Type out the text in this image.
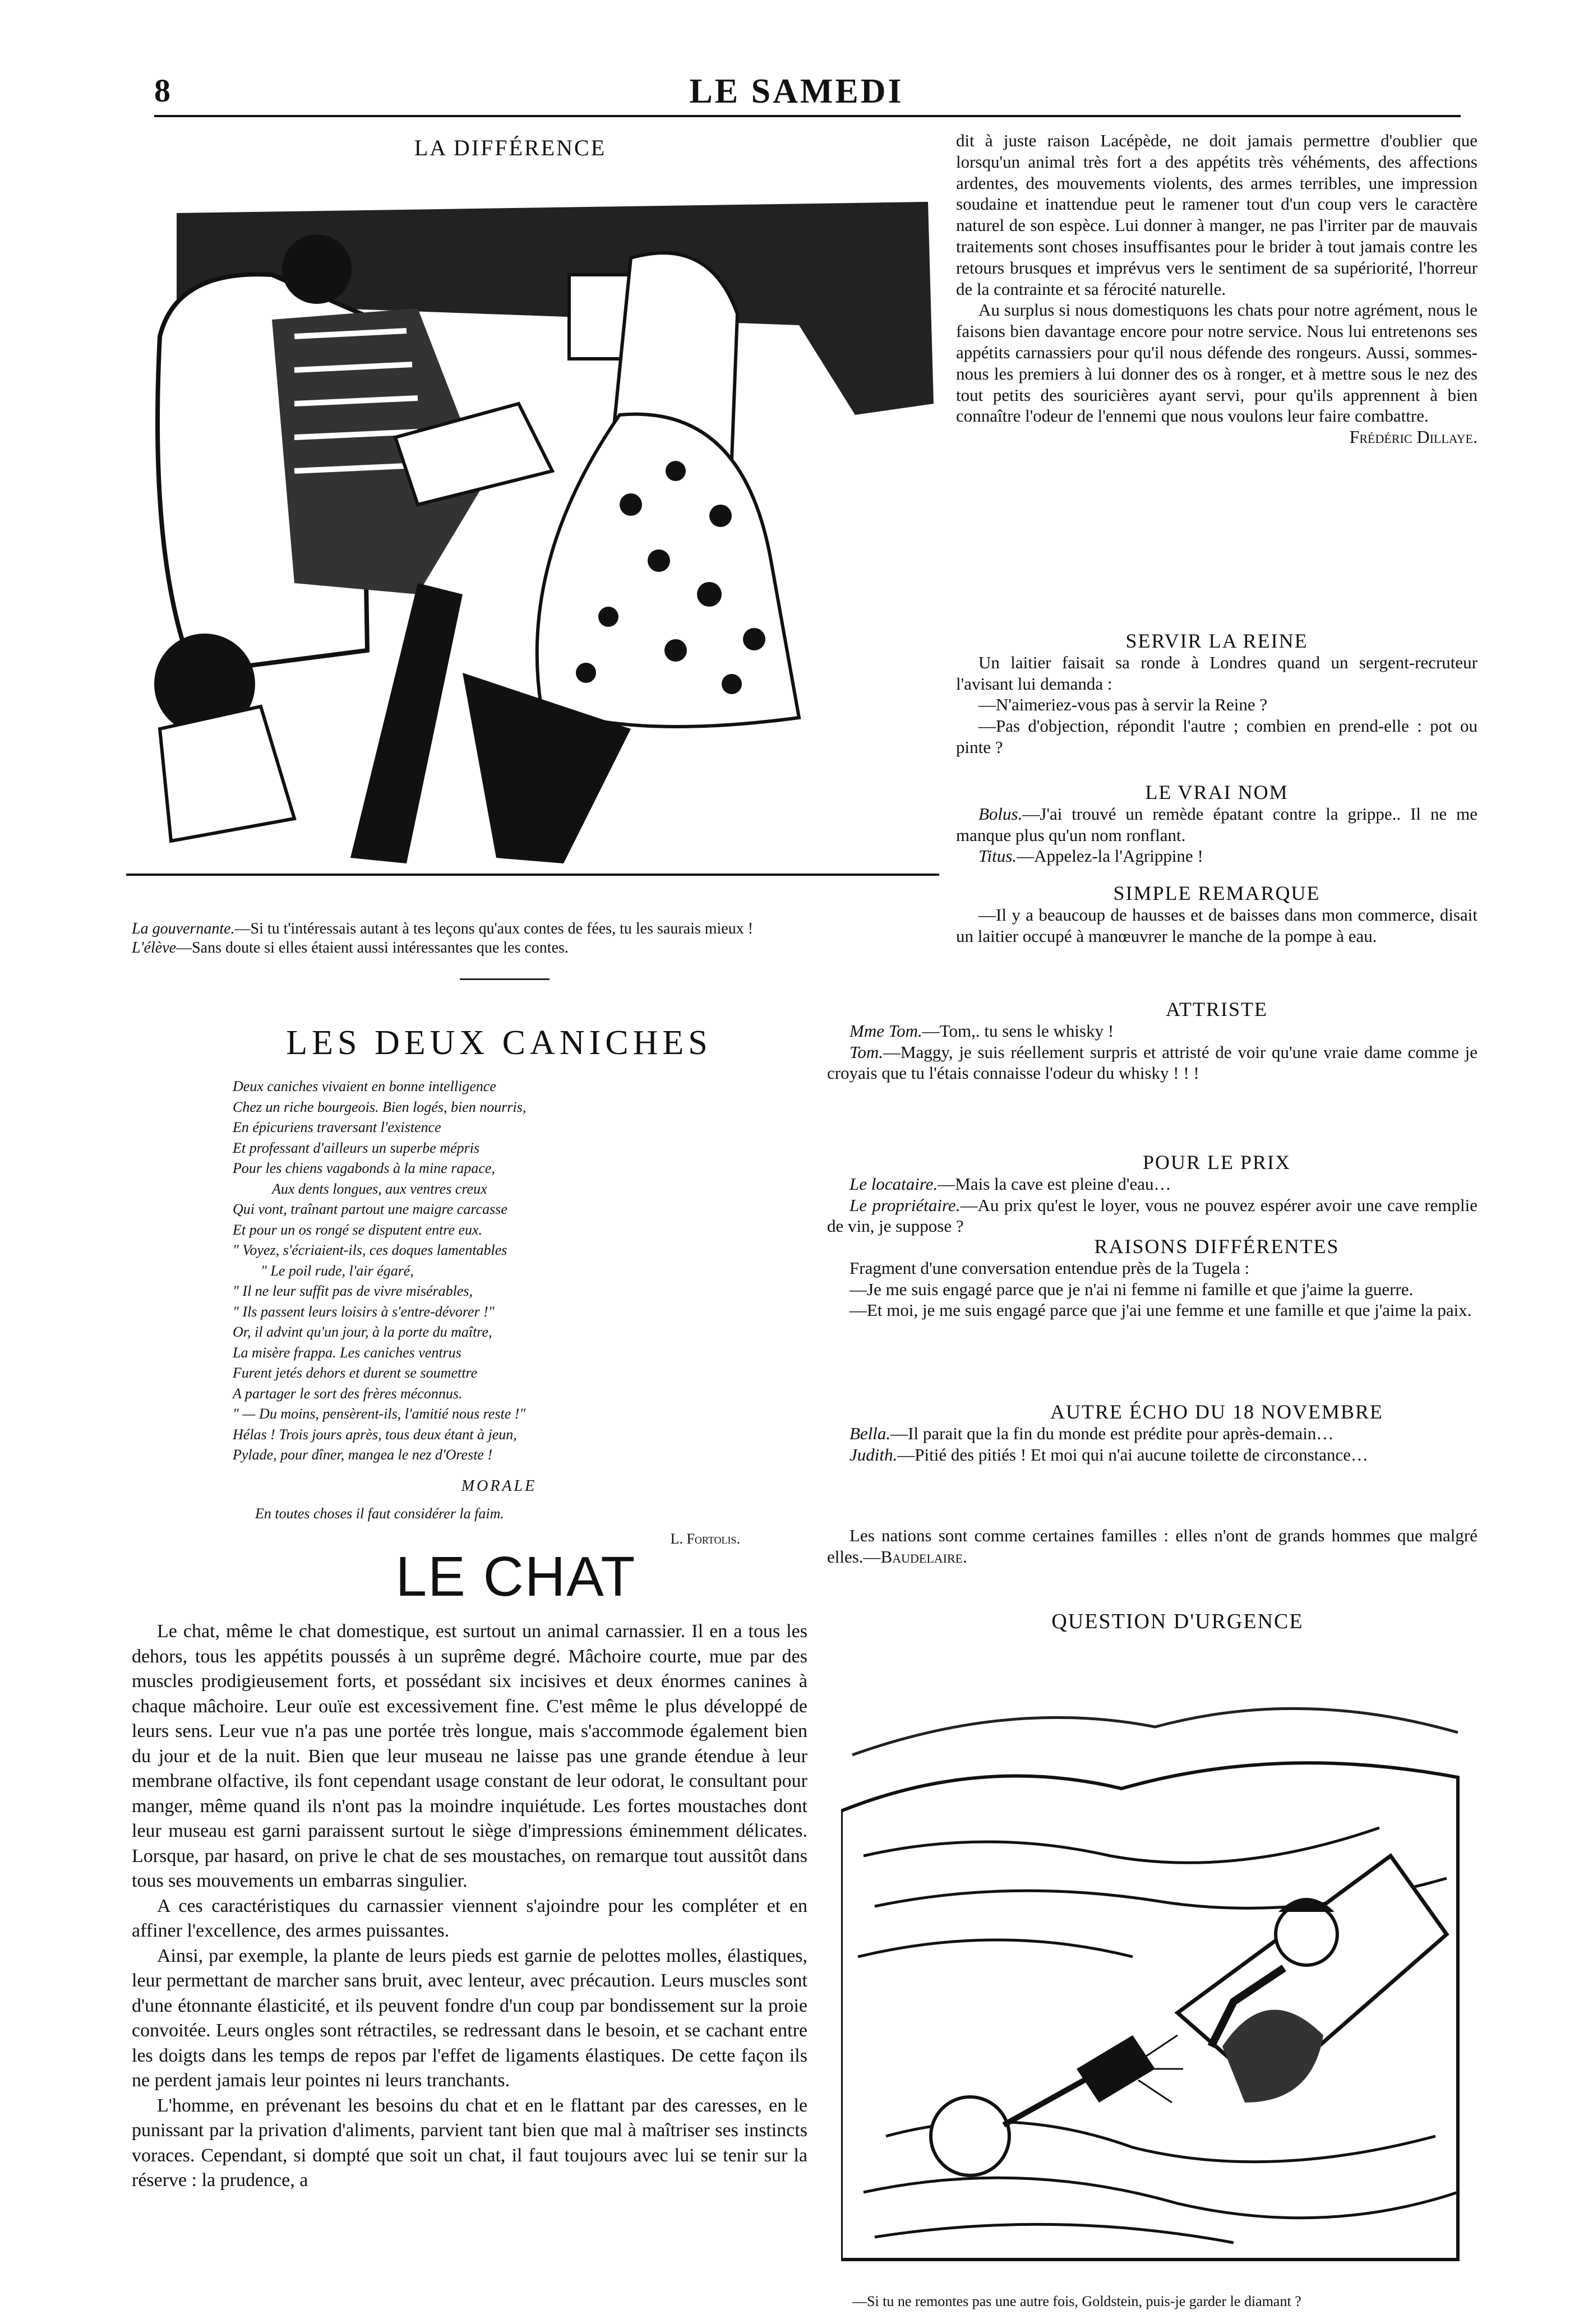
8	LE SAMEDI
LA DIFFÉRENCE
La gouvernante.—Si tu t'intéressais autant à tes leçons qu'aux contes de fées, tu les saurais mieux !
L'élève—Sans doute si elles étaient aussi intéressantes que les contes.
LES DEUX CANICHES
Deux caniches vivaient en bonne intelligence
Chez un riche bourgeois. Bien logés, bien nourris,
En épicuriens traversant l'existence
Et professant d'ailleurs un superbe mépris
Pour les chiens vagabonds à la mine rapace,
Aux dents longues, aux ventres creux
Qui vont, traînant partout une maigre carcasse
Et pour un os rongé se disputent entre eux.
" Voyez, s'écriaient-ils, ces doques lamentables
" Le poil rude, l'air égaré,
" Il ne leur suffit pas de vivre misérables,
" Ils passent leurs loisirs à s'entre-dévorer !"
Or, il advint qu'un jour, à la porte du maître,
La misère frappa. Les caniches ventrus
Furent jetés dehors et durent se soumettre
A partager le sort des frères méconnus.
" — Du moins, pensèrent-ils, l'amitié nous reste !"
Hélas ! Trois jours après, tous deux étant à jeun,
Pylade, pour dîner, mangea le nez d'Oreste !
MORALE
En toutes choses il faut considérer la faim.
L. Fortolis.
LE CHAT

Le chat, même le chat domestique, est surtout un animal carnassier. Il en a tous les dehors, tous les appétits poussés à un suprême degré. Mâchoire courte, mue par des muscles prodigieusement forts, et possédant six incisives et deux énormes canines à chaque mâchoire. Leur ouïe est excessivement fine. C'est même le plus développé de leurs sens. Leur vue n'a pas une portée très longue, mais s'accommode également bien du jour et de la nuit. Bien que leur museau ne laisse pas une grande étendue à leur membrane olfactive, ils font cependant usage constant de leur odorat, le consultant pour manger, même quand ils n'ont pas la moindre inquiétude. Les fortes moustaches dont leur museau est garni paraissent surtout le siège d'impressions éminemment délicates. Lorsque, par hasard, on prive le chat de ses moustaches, on remarque tout aussitôt dans tous ses mouvements un embarras singulier.

A ces caractéristiques du carnassier viennent s'ajoindre pour les compléter et en affiner l'excellence, des armes puissantes.

Ainsi, par exemple, la plante de leurs pieds est garnie de pelottes molles, élastiques, leur permettant de marcher sans bruit, avec lenteur, avec précaution. Leurs muscles sont d'une étonnante élasticité, et ils peuvent fondre d'un coup par bondissement sur la proie convoitée. Leurs ongles sont rétractiles, se redressant dans le besoin, et se cachant entre les doigts dans les temps de repos par l'effet de ligaments élastiques. De cette façon ils ne perdent jamais leur pointes ni leurs tranchants.

L'homme, en prévenant les besoins du chat et en le flattant par des caresses, en le punissant par la privation d'aliments, parvient tant bien que mal à maîtriser ses instincts voraces. Cependant, si dompté que soit un chat, il faut toujours avec lui se tenir sur la réserve : la prudence, a

dit à juste raison Lacépède, ne doit jamais permettre d'oublier que lorsqu'un animal très fort a des appétits très véhéments, des affections ardentes, des mouvements violents, des armes terribles, une impression soudaine et inattendue peut le ramener tout d'un coup vers le caractère naturel de son espèce. Lui donner à manger, ne pas l'irriter par de mauvais traitements sont choses insuffisantes pour le brider à tout jamais contre les retours brusques et imprévus vers le sentiment de sa supériorité, l'horreur de la contrainte et sa férocité naturelle.

Au surplus si nous domestiquons les chats pour notre agrément, nous le faisons bien davantage encore pour notre service. Nous lui entretenons ses appétits carnassiers pour qu'il nous défende des rongeurs. Aussi, sommes-nous les premiers à lui donner des os à ronger, et à mettre sous le nez des tout petits des souricières ayant servi, pour qu'ils apprennent à bien connaître l'odeur de l'ennemi que nous voulons leur faire combattre.

Frédéric Dillaye.
SERVIR LA REINE

Un laitier faisait sa ronde à Londres quand un sergent-recruteur l'avisant lui demanda :

—N'aimeriez-vous pas à servir la Reine ?

—Pas d'objection, répondit l'autre ; combien en prend-elle : pot ou pinte ?

LE VRAI NOM

Bolus.—J'ai trouvé un remède épatant contre la grippe.. Il ne me manque plus qu'un nom ronflant.

Titus.—Appelez-la l'Agrippine !

SIMPLE REMARQUE

—Il y a beaucoup de hausses et de baisses dans mon commerce, disait un laitier occupé à manœuvrer le manche de la pompe à eau.

ATTRISTE

Mme Tom.—Tom,. tu sens le whisky !

Tom.—Maggy, je suis réellement surpris et attristé de voir qu'une vraie dame comme je croyais que tu l'étais connaisse l'odeur du whisky ! ! !

POUR LE PRIX

Le locataire.—Mais la cave est pleine d'eau…

Le propriétaire.—Au prix qu'est le loyer, vous ne pouvez espérer avoir une cave remplie de vin, je suppose ?

RAISONS DIFFÉRENTES

Fragment d'une conversation entendue près de la Tugela :

—Je me suis engagé parce que je n'ai ni femme ni famille et que j'aime la guerre.

—Et moi, je me suis engagé parce que j'ai une femme et une famille et que j'aime la paix.

AUTRE ÉCHO DU 18 NOVEMBRE

Bella.—Il parait que la fin du monde est prédite pour après-demain…

Judith.—Pitié des pitiés ! Et moi qui n'ai aucune toilette de circonstance…

Les nations sont comme certaines familles : elles n'ont de grands hommes que malgré elles.—Baudelaire.

QUESTION D'URGENCE
—Si tu ne remontes pas une autre fois, Goldstein, puis-je garder le diamant ?
